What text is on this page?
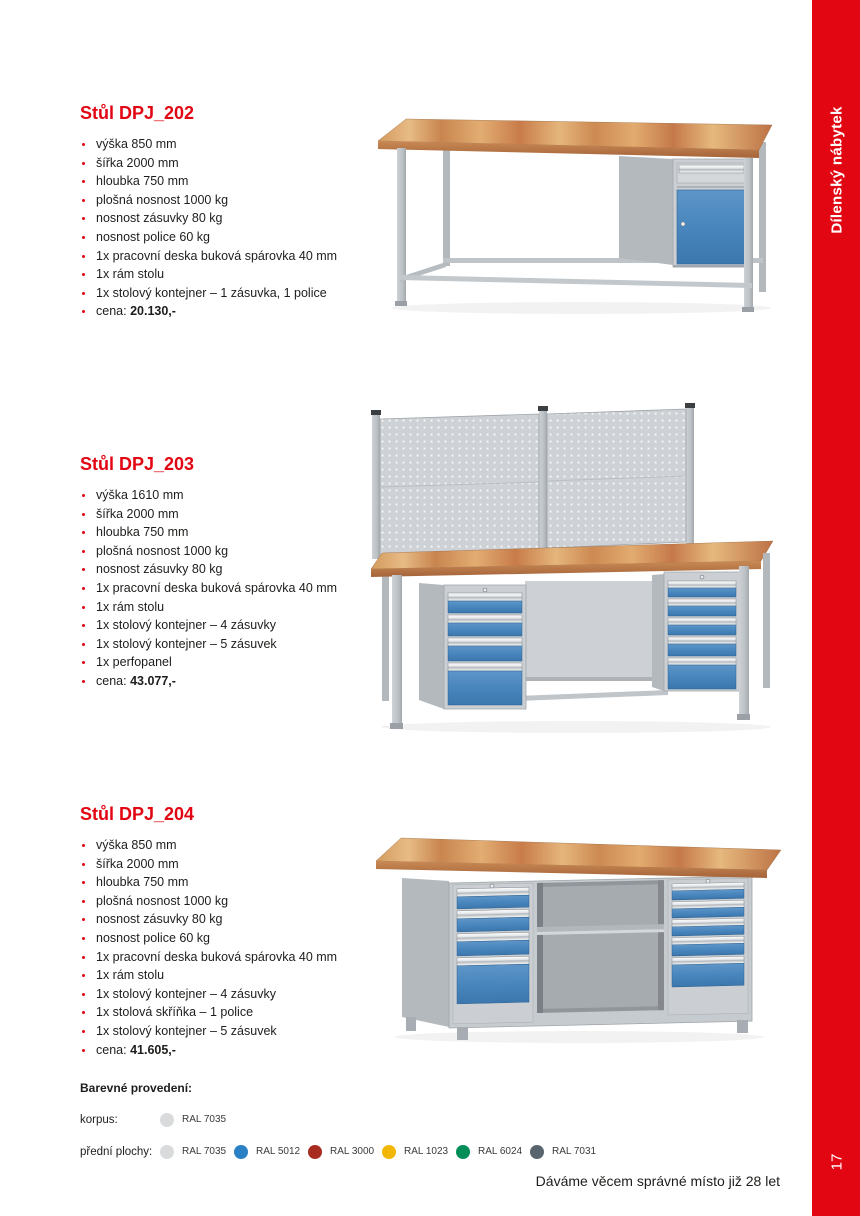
Stůl DPJ_202
výška 850 mm
šířka 2000 mm
hloubka 750 mm
plošná nosnost 1000 kg
nosnost zásuvky 80 kg
nosnost police 60 kg
1x pracovní deska buková spárovka 40 mm
1x rám stolu
1x stolový kontejner – 1 zásuvka, 1 police
cena: 20.130,-
Stůl DPJ_203
výška 1610 mm
šířka 2000 mm
hloubka 750 mm
plošná nosnost 1000 kg
nosnost zásuvky 80 kg
1x pracovní deska buková spárovka 40 mm
1x rám stolu
1x stolový kontejner – 4 zásuvky
1x stolový kontejner – 5 zásuvek
1x perfopanel
cena: 43.077,-
Stůl DPJ_204
výška 850 mm
šířka 2000 mm
hloubka 750 mm
plošná nosnost 1000 kg
nosnost zásuvky 80 kg
nosnost police 60 kg
1x pracovní deska buková spárovka 40 mm
1x rám stolu
1x stolový kontejner – 4 zásuvky
1x stolová skříňka – 1 police
1x stolový kontejner – 5 zásuvek
cena: 41.605,-
Barevné provedení:
korpus:	RAL 7035
přední plochy:	RAL 7035	RAL 5012	RAL 3000	RAL 1023	RAL 6024	RAL 7031
Dáváme věcem správné místo již 28 let
Dílenský nábytek
17
